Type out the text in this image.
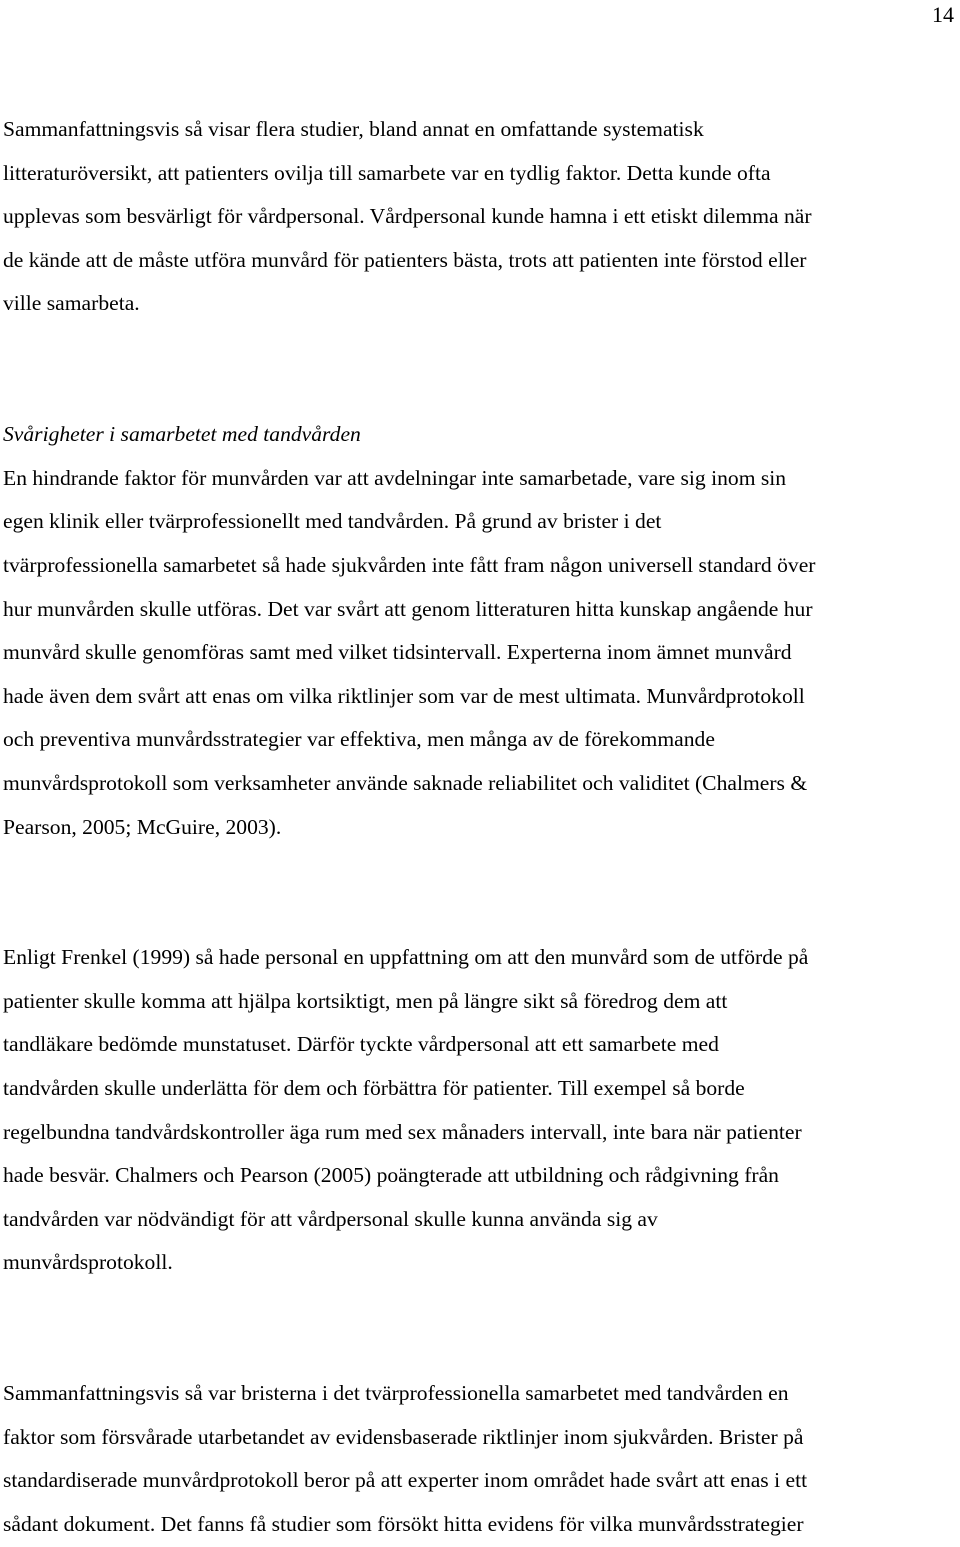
14
Sammanfattningsvis så visar flera studier, bland annat en omfattande systematisk
litteraturöversikt, att patienters ovilja till samarbete var en tydlig faktor. Detta kunde ofta
upplevas som besvärligt för vårdpersonal. Vårdpersonal kunde hamna i ett etiskt dilemma när
de kände att de måste utföra munvård för patienters bästa, trots att patienten inte förstod eller
ville samarbeta.
Svårigheter i samarbetet med tandvården
En hindrande faktor för munvården var att avdelningar inte samarbetade, vare sig inom sin
egen klinik eller tvärprofessionellt med tandvården. På grund av brister i det
tvärprofessionella samarbetet så hade sjukvården inte fått fram någon universell standard över
hur munvården skulle utföras. Det var svårt att genom litteraturen hitta kunskap angående hur
munvård skulle genomföras samt med vilket tidsintervall. Experterna inom ämnet munvård
hade även dem svårt att enas om vilka riktlinjer som var de mest ultimata. Munvårdprotokoll
och preventiva munvårdsstrategier var effektiva, men många av de förekommande
munvårdsprotokoll som verksamheter använde saknade reliabilitet och validitet (Chalmers &
Pearson, 2005; McGuire, 2003).
Enligt Frenkel (1999) så hade personal en uppfattning om att den munvård som de utförde på
patienter skulle komma att hjälpa kortsiktigt, men på längre sikt så föredrog dem att
tandläkare bedömde munstatuset. Därför tyckte vårdpersonal att ett samarbete med
tandvården skulle underlätta för dem och förbättra för patienter. Till exempel så borde
regelbundna tandvårdskontroller äga rum med sex månaders intervall, inte bara när patienter
hade besvär. Chalmers och Pearson (2005) poängterade att utbildning och rådgivning från
tandvården var nödvändigt för att vårdpersonal skulle kunna använda sig av
munvårdsprotokoll.
Sammanfattningsvis så var bristerna i det tvärprofessionella samarbetet med tandvården en
faktor som försvårade utarbetandet av evidensbaserade riktlinjer inom sjukvården. Brister på
standardiserade munvårdprotokoll beror på att experter inom området hade svårt att enas i ett
sådant dokument. Det fanns få studier som försökt hitta evidens för vilka munvårdsstrategier
